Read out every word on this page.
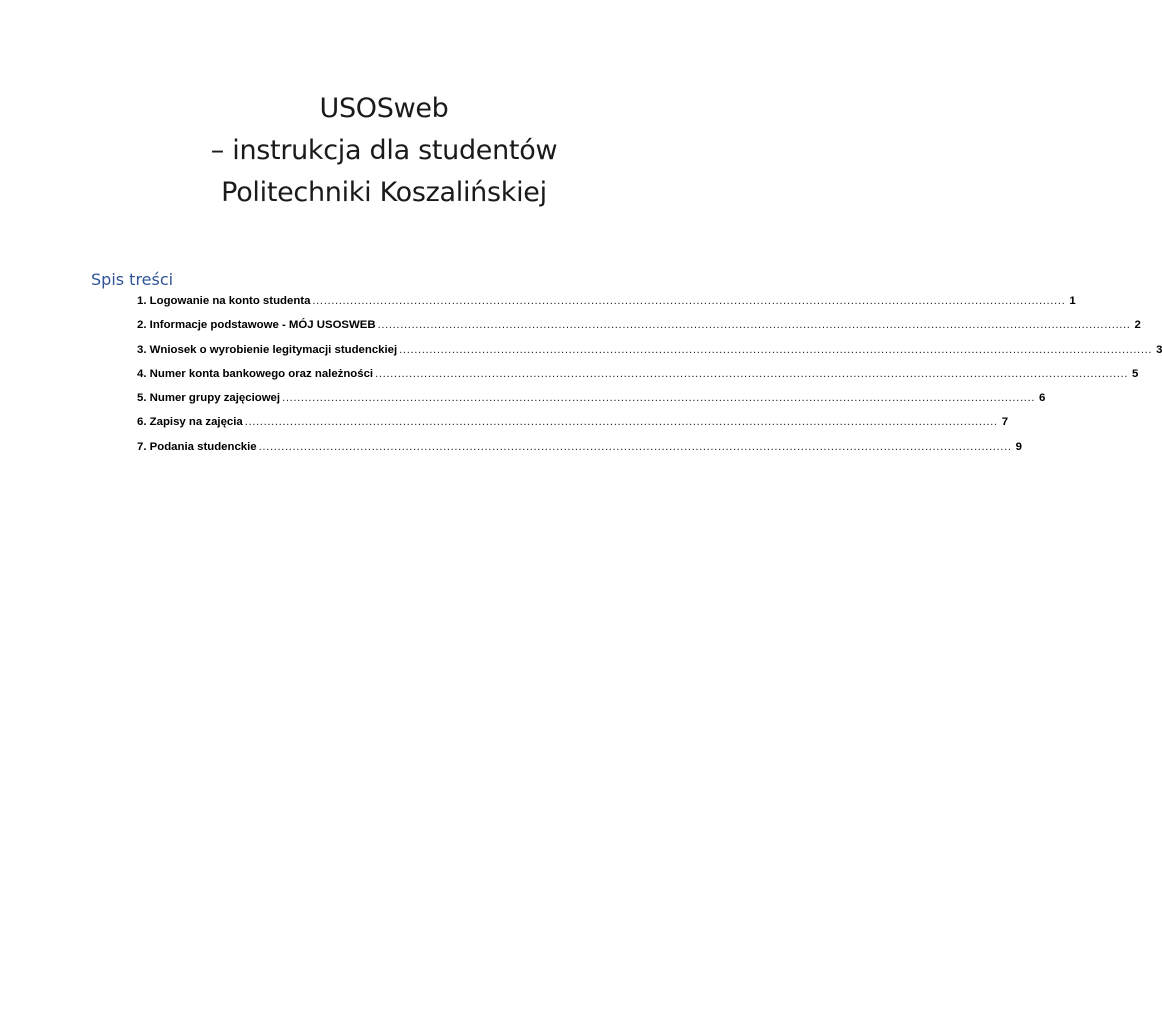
USOSweb
– instrukcja dla studentów
Politechniki Koszalińskiej
Spis treści
1. Logowanie na konto studenta ........................................................................................................................................................................................................ 1
2. Informacje podstawowe - MÓJ USOSWEB ........................................................................................................................................................................................................ 2
3. Wniosek o wyrobienie legitymacji studenckiej ........................................................................................................................................................................................................ 3
4. Numer konta bankowego oraz należności ........................................................................................................................................................................................................ 5
5. Numer grupy zajęciowej ........................................................................................................................................................................................................ 6
6. Zapisy na zajęcia ........................................................................................................................................................................................................ 7
7. Podania studenckie ........................................................................................................................................................................................................ 9
